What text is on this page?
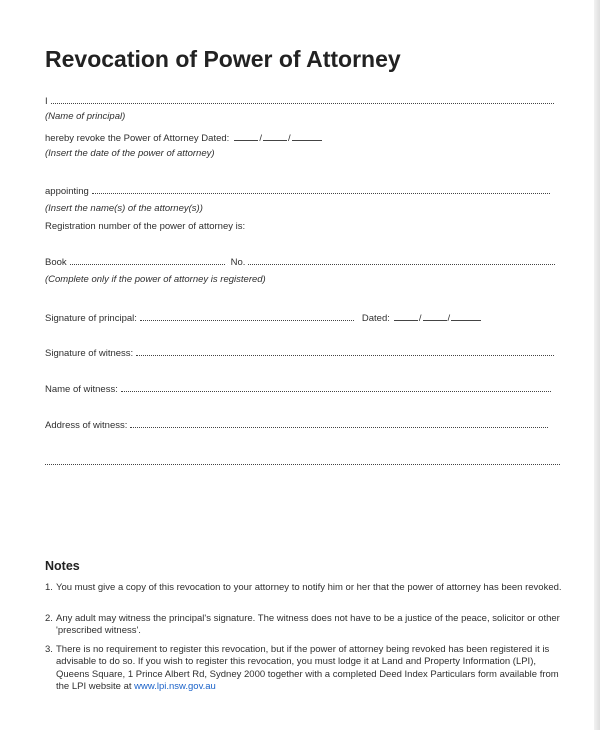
Revocation of Power of Attorney
I
(Name of principal)
hereby revoke the Power of Attorney Dated:	/	/
(Insert the date of the power of attorney)
appointing
(Insert the name(s) of the attorney(s))
Registration number of the power of attorney is:
Book	No.
(Complete only if the power of attorney is registered)
Signature of principal:	Dated:	/	/
Signature of witness:
Name of witness:
Address of witness:
Notes
1. You must give a copy of this revocation to your attorney to notify him or her that the power of attorney has been revoked.
2. Any adult may witness the principal's signature. The witness does not have to be a justice of the peace, solicitor or other 'prescribed witness'.
3. There is no requirement to register this revocation, but if the power of attorney being revoked has been registered it is advisable to do so. If you wish to register this revocation, you must lodge it at Land and Property Information (LPI), Queens Square, 1 Prince Albert Rd, Sydney 2000 together with a completed Deed Index Particulars form available from the LPI website at www.lpi.nsw.gov.au
